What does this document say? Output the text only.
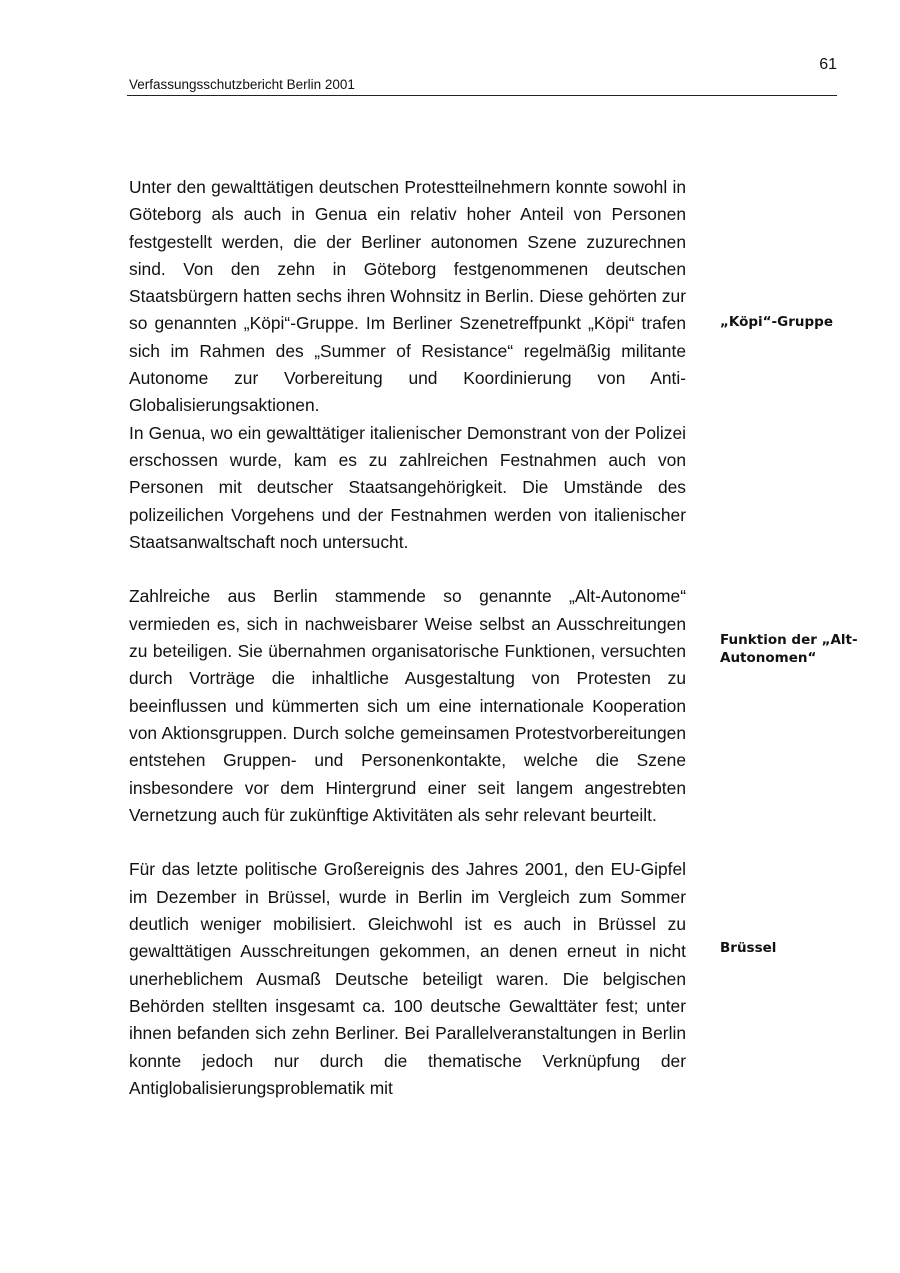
61
Verfassungsschutzbericht Berlin 2001

Unter den gewalttätigen deutschen Protestteilnehmern konnte sowohl in Göteborg als auch in Genua ein relativ hoher Anteil von Personen festgestellt werden, die der Berliner autonomen Szene zuzurechnen sind. Von den zehn in Göteborg festgenommenen deutschen Staatsbürgern hatten sechs ihren Wohnsitz in Berlin. Diese gehörten zur so genannten „Köpi“-Gruppe. Im Berliner Szenetreffpunkt „Köpi“ trafen sich im Rahmen des „Summer of Resistance“ regelmäßig militante Autonome zur Vorbereitung und Koordinierung von Anti-Globalisierungsaktionen.

In Genua, wo ein gewalttätiger italienischer Demonstrant von der Polizei erschossen wurde, kam es zu zahlreichen Festnahmen auch von Personen mit deutscher Staatsangehörigkeit. Die Umstände des polizeilichen Vorgehens und der Festnahmen werden von italienischer Staatsanwaltschaft noch untersucht.

Zahlreiche aus Berlin stammende so genannte „Alt-Autonome“ vermieden es, sich in nachweisbarer Weise selbst an Ausschreitungen zu beteiligen. Sie übernahmen organisatorische Funktionen, versuchten durch Vorträge die inhaltliche Ausgestaltung von Protesten zu beeinflussen und kümmerten sich um eine internationale Kooperation von Aktionsgruppen. Durch solche gemeinsamen Protestvorbereitungen entstehen Gruppen- und Personenkontakte, welche die Szene insbesondere vor dem Hintergrund einer seit langem angestrebten Vernetzung auch für zukünftige Aktivitäten als sehr relevant beurteilt.

Für das letzte politische Großereignis des Jahres 2001, den EU-Gipfel im Dezember in Brüssel, wurde in Berlin im Vergleich zum Sommer deutlich weniger mobilisiert. Gleichwohl ist es auch in Brüssel zu gewalttätigen Ausschreitungen gekommen, an denen erneut in nicht unerheblichem Ausmaß Deutsche beteiligt waren. Die belgischen Behörden stellten insgesamt ca. 100 deutsche Gewalttäter fest; unter ihnen befanden sich zehn Berliner. Bei Parallelveranstaltungen in Berlin konnte jedoch nur durch die thematische Verknüpfung der Antiglobalisierungsproblematik mit

„Köpi“-Gruppe
Funktion der „Alt-Autonomen“
Brüssel
